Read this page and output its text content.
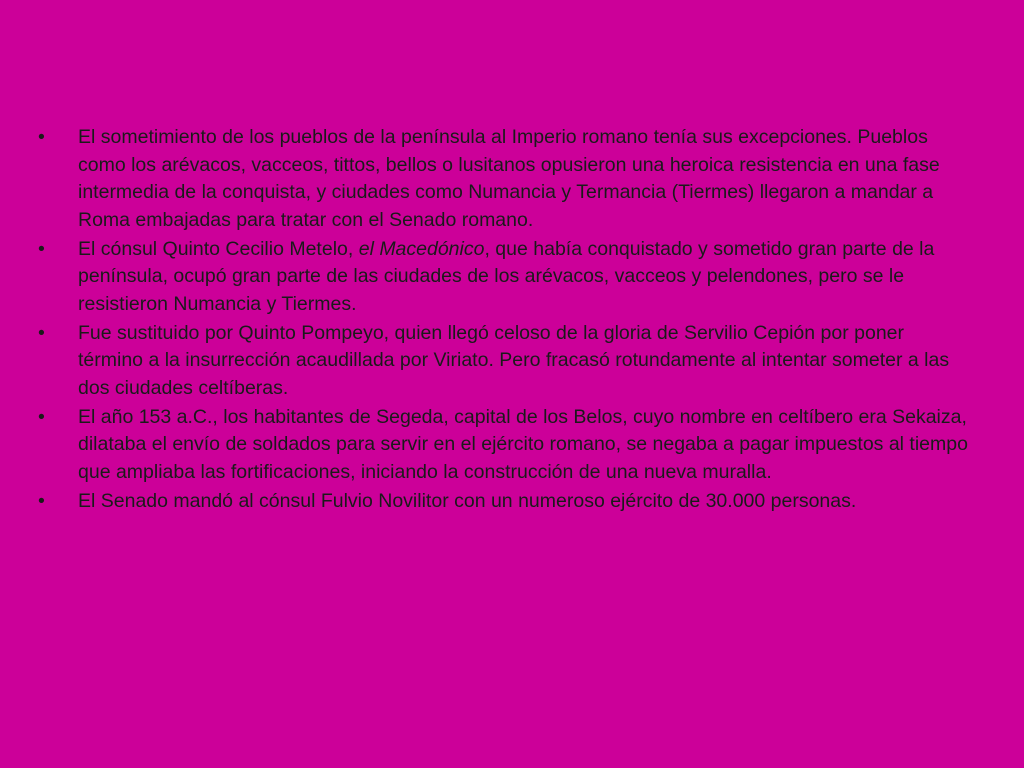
• El sometimiento de los pueblos de la península al Imperio romano tenía sus excepciones. Pueblos como los arévacos, vacceos, tittos, bellos o lusitanos opusieron una heroica resistencia en una fase intermedia de la conquista, y ciudades como Numancia y Termancia (Tiermes) llegaron a mandar a Roma embajadas para tratar con el Senado romano.
• El cónsul Quinto Cecilio Metelo, el Macedónico, que había conquistado y sometido gran parte de la península, ocupó gran parte de las ciudades de los arévacos, vacceos y pelendones, pero se le resistieron Numancia y Tiermes.
• Fue sustituido por Quinto Pompeyo, quien llegó celoso de la gloria de Servilio Cepión por poner término a la insurrección acaudillada por Viriato. Pero fracasó rotundamente al intentar someter a las dos ciudades celtíberas.
• El año 153 a.C., los habitantes de Segeda, capital de los Belos, cuyo nombre en celtíbero era Sekaiza, dilataba el envío de soldados para servir en el ejército romano, se negaba a pagar impuestos al tiempo que ampliaba las fortificaciones, iniciando la construcción de una nueva muralla.
• El Senado mandó al cónsul Fulvio Novilitor con un numeroso ejército de 30.000 personas.
